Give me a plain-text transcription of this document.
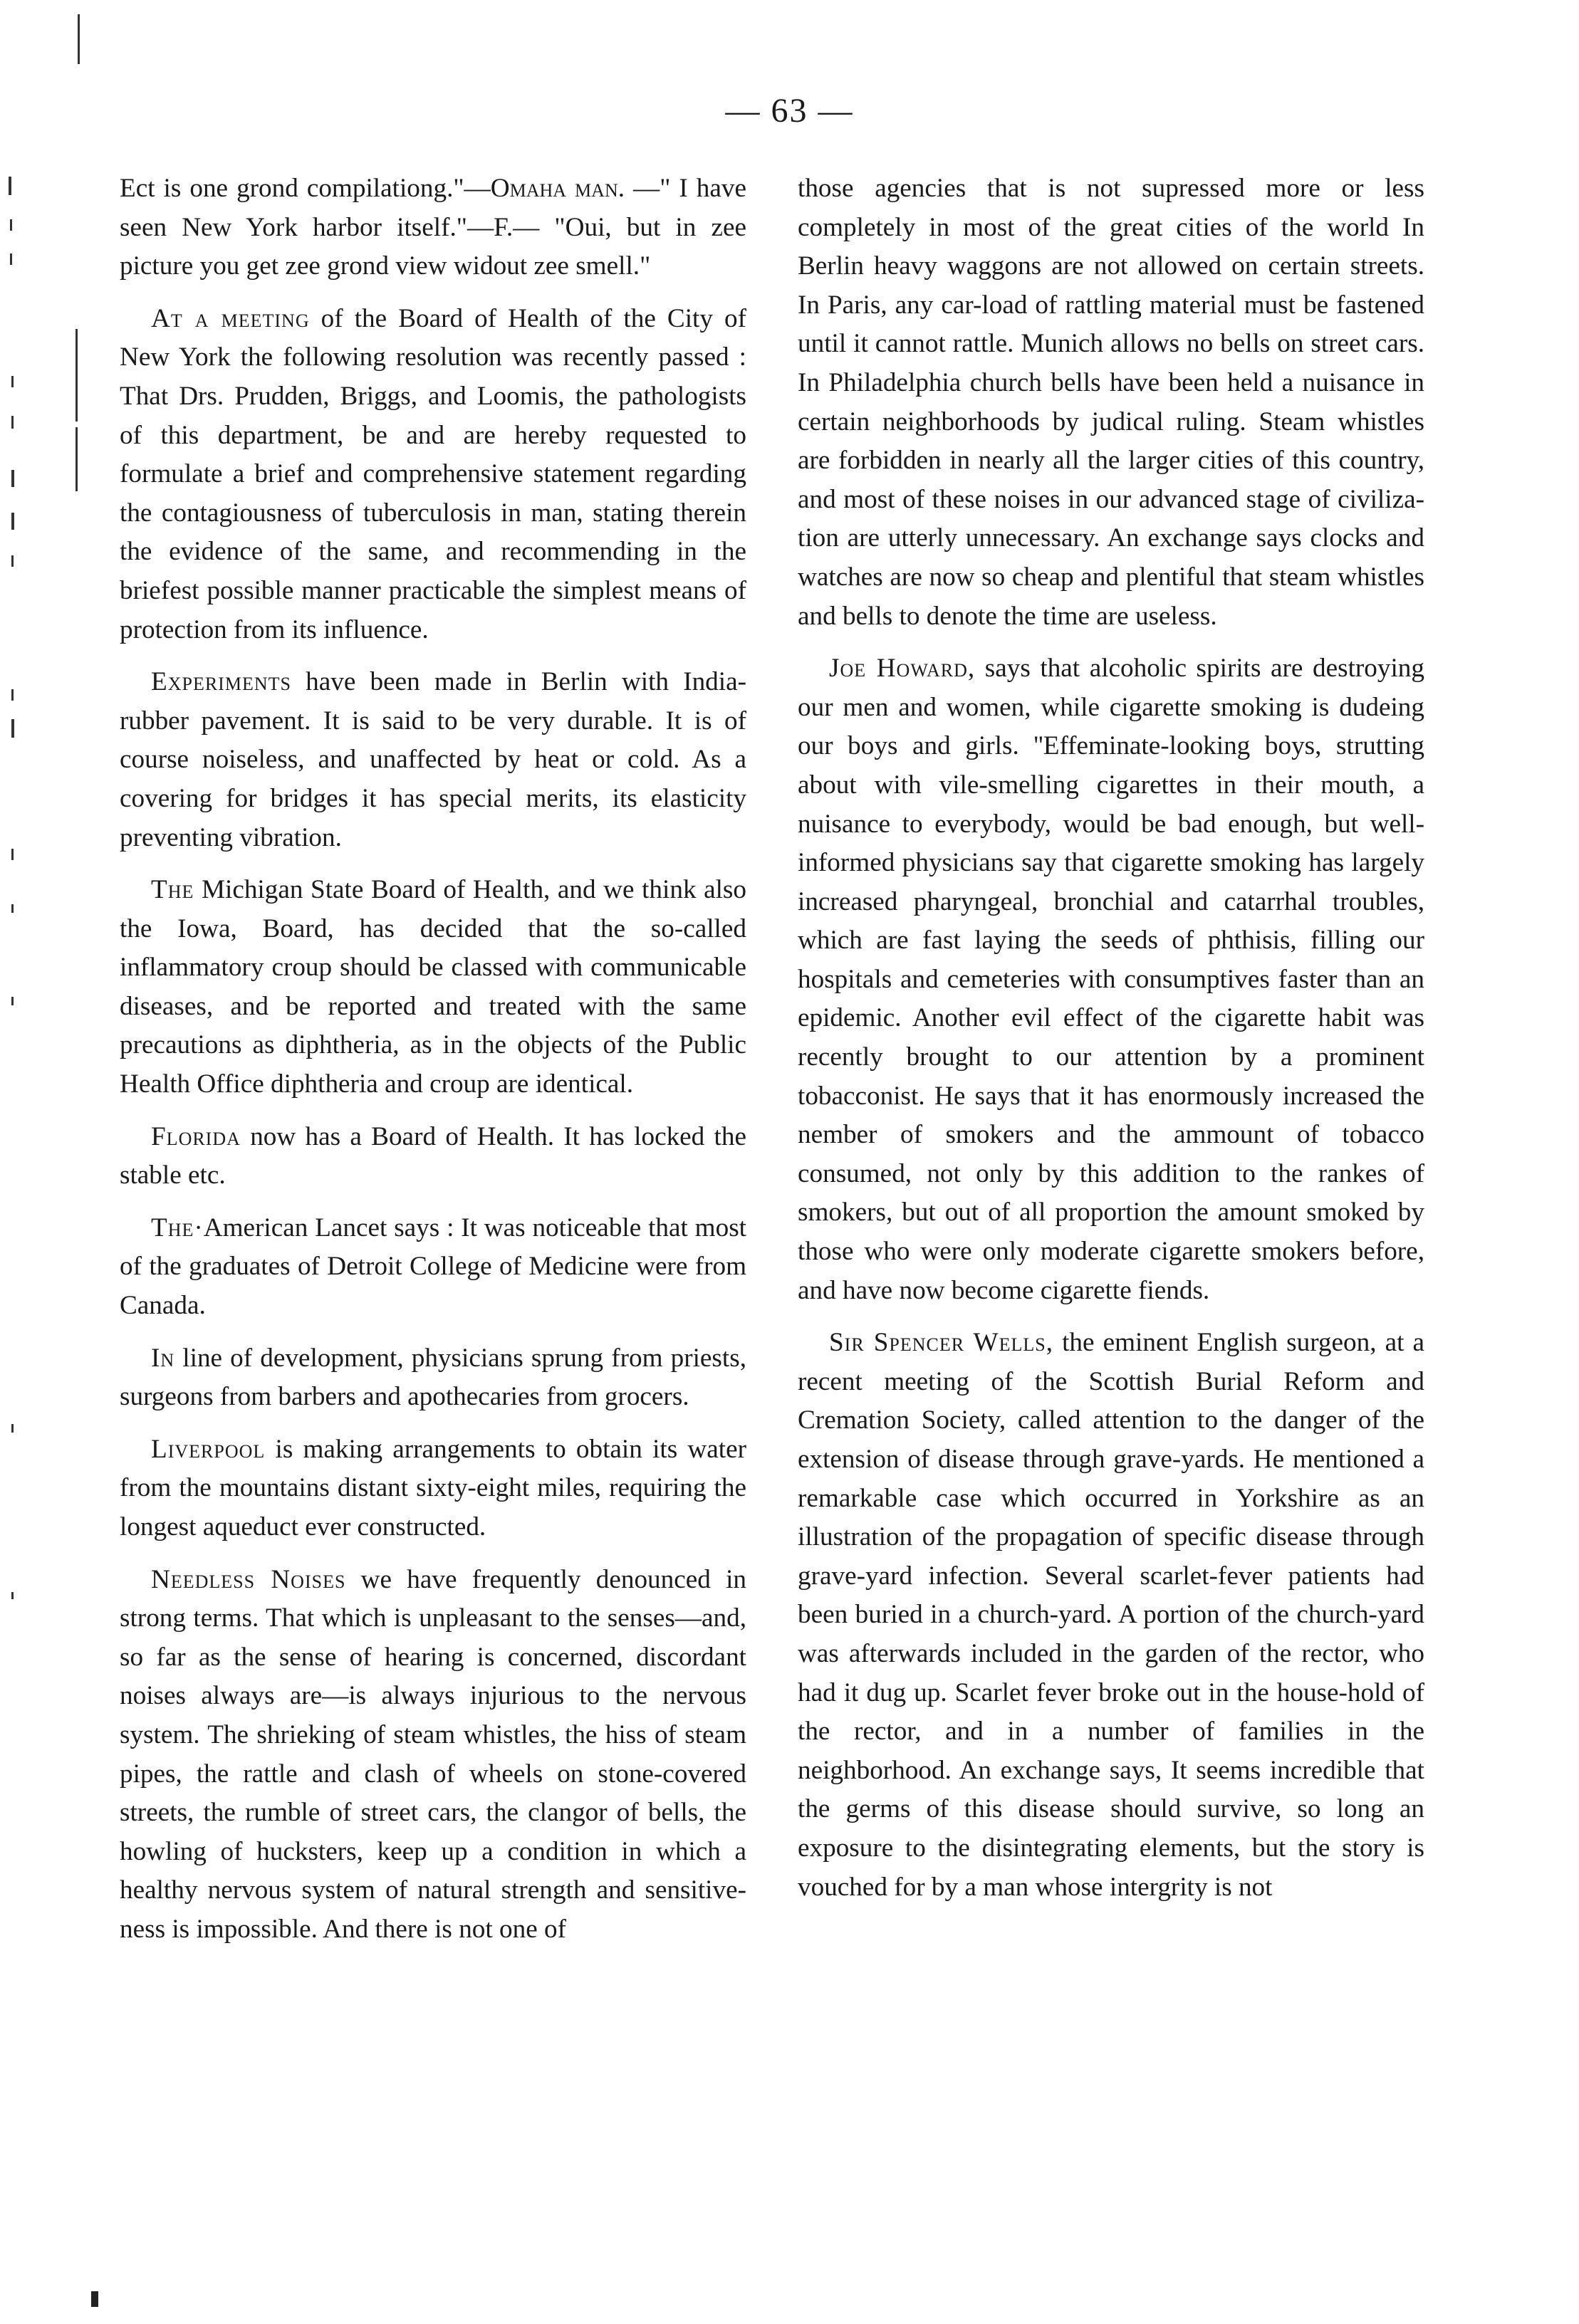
— 63 —

Ect is one grond compilationg."—Omaha man. —" I have seen New York harbor itself."—F.— "Oui, but in zee picture you get zee grond view widout zee smell."

At a meeting of the Board of Health of the City of New York the following resolution was recently passed : That Drs. Prudden, Briggs, and Loomis, the pathologists of this department, be and are hereby requested to formulate a brief and comprehensive statement regarding the contagiousness of tuberculosis in man, stating therein the evidence of the same, and recommending in the briefest possible manner practicable the simplest means of protection from its influence.

Experiments have been made in Berlin with India-rubber pavement. It is said to be very durable. It is of course noiseless, and unaffected by heat or cold. As a covering for bridges it has special merits, its elasticity preventing vibration.

The Michigan State Board of Health, and we think also the Iowa, Board, has decided that the so-called inflammatory croup should be classed with communicable diseases, and be reported and treated with the same precautions as diphtheria, as in the objects of the Public Health Office diphtheria and croup are identical.

Florida now has a Board of Health. It has locked the stable etc.

The·American Lancet says : It was noticeable that most of the graduates of Detroit College of Medicine were from Canada.

In line of development, physicians sprung from priests, surgeons from barbers and apothecaries from grocers.

Liverpool is making arrangements to obtain its water from the mountains distant sixty-eight miles, requiring the longest aqueduct ever constructed.

Needless Noises we have frequently denounced in strong terms. That which is unpleasant to the senses—and, so far as the sense of hearing is concerned, discordant noises always are—is always injurious to the nervous system. The shrieking of steam whistles, the hiss of steam pipes, the rattle and clash of wheels on stone-covered streets, the rumble of street cars, the clangor of bells, the howling of hucksters, keep up a condition in which a healthy nervous system of natural strength and sensitiveness is impossible. And there is not one of

those agencies that is not supressed more or less completely in most of the great cities of the world In Berlin heavy waggons are not allowed on certain streets. In Paris, any car-load of rattling material must be fastened until it cannot rattle. Munich allows no bells on street cars. In Philadelphia church bells have been held a nuisance in certain neighborhoods by judical ruling. Steam whistles are forbidden in nearly all the larger cities of this country, and most of these noises in our advanced stage of civilization are utterly unnecessary. An exchange says clocks and watches are now so cheap and plentiful that steam whistles and bells to denote the time are useless.

Joe Howard, says that alcoholic spirits are destroying our men and women, while cigarette smoking is dudeing our boys and girls. ''Effeminate-looking boys, strutting about with vile-smelling cigarettes in their mouth, a nuisance to everybody, would be bad enough, but well-informed physicians say that cigarette smoking has largely increased pharyngeal, bronchial and catarrhal troubles, which are fast laying the seeds of phthisis, filling our hospitals and cemeteries with consumptives faster than an epidemic. Another evil effect of the cigarette habit was recently brought to our attention by a prominent tobacconist. He says that it has enormously increased the nember of smokers and the ammount of tobacco consumed, not only by this addition to the rankes of smokers, but out of all proportion the amount smoked by those who were only moderate cigarette smokers before, and have now become cigarette fiends.

Sir Spencer Wells, the eminent English surgeon, at a recent meeting of the Scottish Burial Reform and Cremation Society, called attention to the danger of the extension of disease through grave-yards. He mentioned a remarkable case which occurred in Yorkshire as an illustration of the propagation of specific disease through grave-yard infection. Several scarlet-fever patients had been buried in a church-yard. A portion of the church-yard was afterwards included in the garden of the rector, who had it dug up. Scarlet fever broke out in the house-hold of the rector, and in a number of families in the neighborhood. An exchange says, It seems incredible that the germs of this disease should survive, so long an exposure to the disintegrating elements, but the story is vouched for by a man whose intergrity is not
